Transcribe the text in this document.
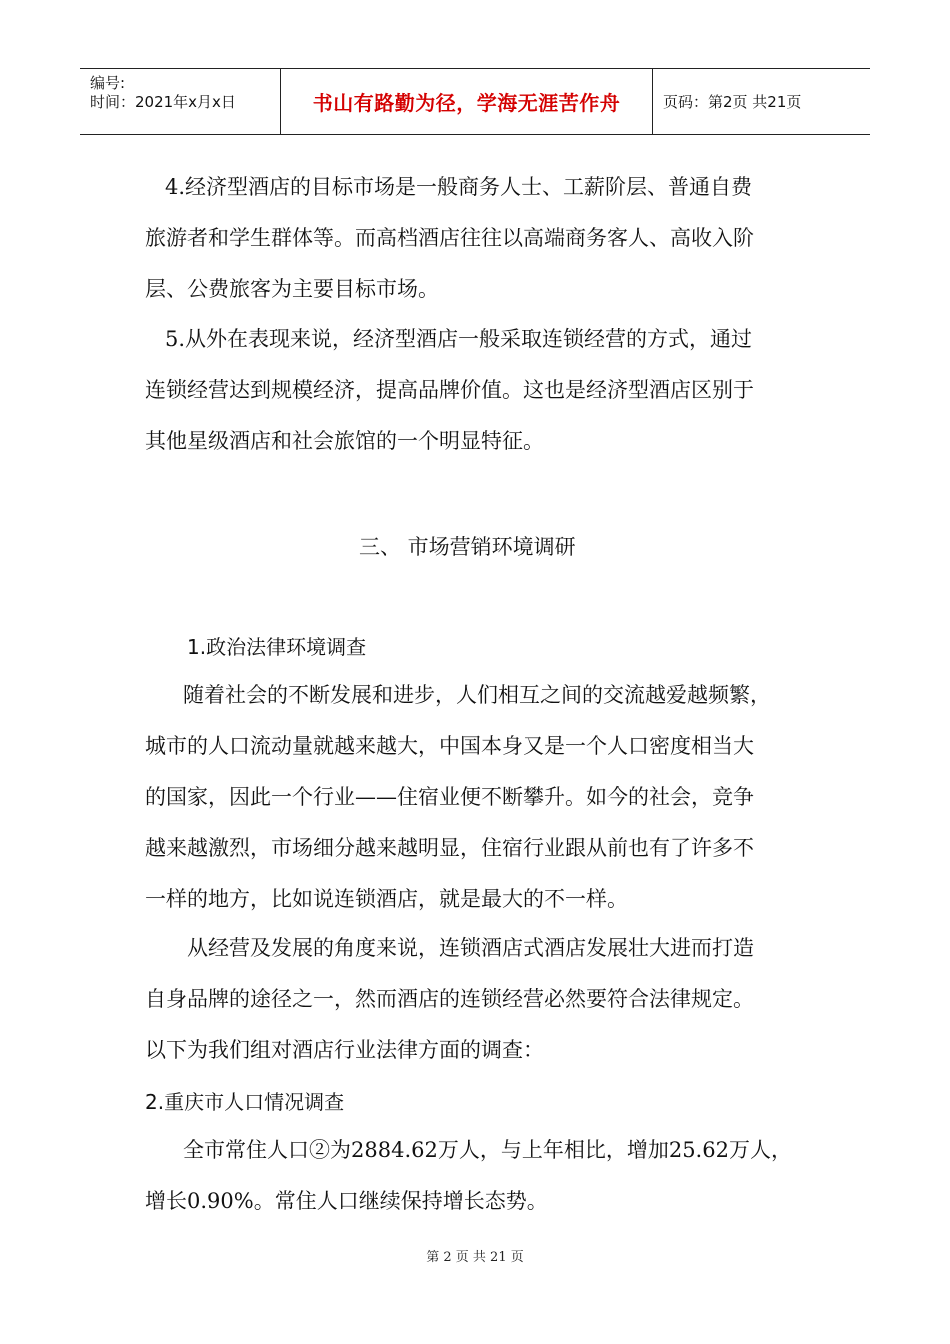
编号:
时间：2021年x月x日	书山有路勤为径，学海无涯苦作舟	页码：第2页 共21页
4.经济型酒店的目标市场是一般商务人士、工薪阶层、普通自费
旅游者和学生群体等。而高档酒店往往以高端商务客人、高收入阶
层、公费旅客为主要目标市场。
5.从外在表现来说，经济型酒店一般采取连锁经营的方式，通过
连锁经营达到规模经济，提高品牌价值。这也是经济型酒店区别于
其他星级酒店和社会旅馆的一个明显特征。
三、 市场营销环境调研
1.政治法律环境调查
随着社会的不断发展和进步，人们相互之间的交流越爱越频繁，
城市的人口流动量就越来越大，中国本身又是一个人口密度相当大
的国家，因此一个行业——住宿业便不断攀升。如今的社会，竞争
越来越激烈，市场细分越来越明显，住宿行业跟从前也有了许多不
一样的地方，比如说连锁酒店，就是最大的不一样。
从经营及发展的角度来说，连锁酒店式酒店发展壮大进而打造
自身品牌的途径之一，然而酒店的连锁经营必然要符合法律规定。
以下为我们组对酒店行业法律方面的调查：
2.重庆市人口情况调查
全市常住人口②为2884.62万人，与上年相比，增加25.62万人，
增长0.90%。常住人口继续保持增长态势。
第 2 页 共 21 页
